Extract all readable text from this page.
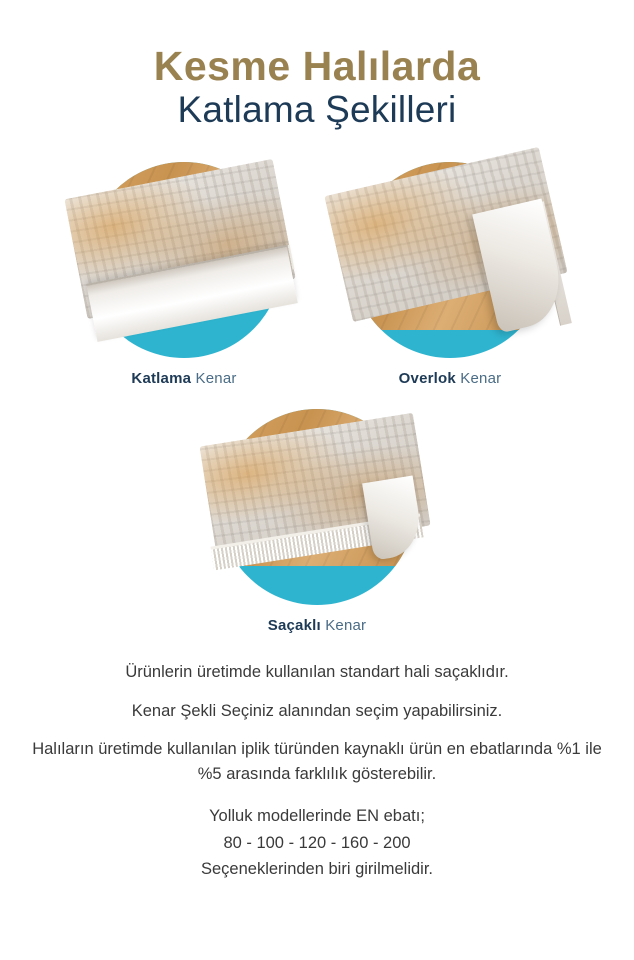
Kesme Halılarda
Katlama Şekilleri
Katlama Kenar	Overlok Kenar
Saçaklı Kenar
Ürünlerin üretimde kullanılan standart hali saçaklıdır.
Kenar Şekli Seçiniz alanından seçim yapabilirsiniz.
Halıların üretimde kullanılan iplik türünden kaynaklı ürün en ebatlarında %1 ile %5 arasında farklılık gösterebilir.
Yolluk modellerinde EN ebatı;
80 - 100 - 120 - 160 - 200
Seçeneklerinden biri girilmelidir.
